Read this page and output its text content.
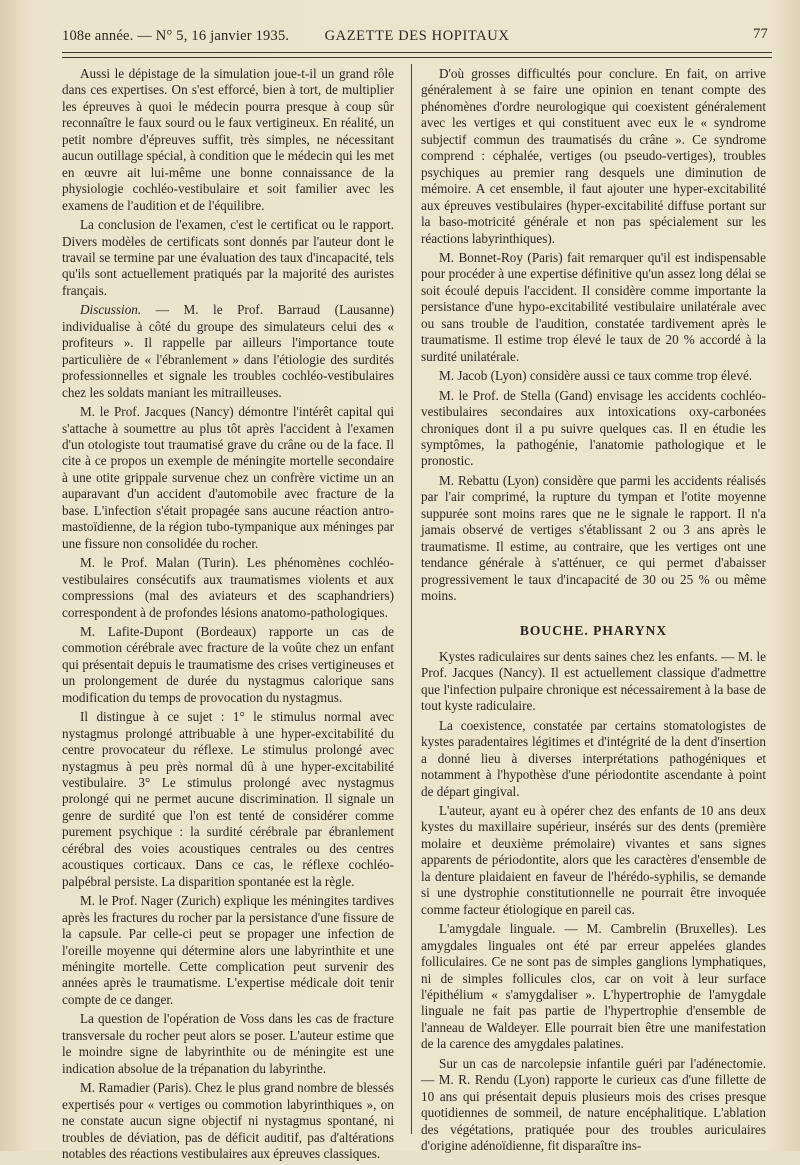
108e année. — N° 5, 16 janvier 1935.	GAZETTE DES HOPITAUX	77

Aussi le dépistage de la simulation joue-t-il un grand rôle dans ces expertises. On s'est efforcé, bien à tort, de multiplier les épreuves à quoi le médecin pourra presque à coup sûr reconnaître le faux sourd ou le faux vertigineux. En réalité, un petit nombre d'épreuves suffit, très simples, ne nécessitant aucun outillage spécial, à condition que le médecin qui les met en œuvre ait lui-même une bonne connaissance de la physiologie cochléo-vestibulaire et soit familier avec les examens de l'audition et de l'équilibre.

La conclusion de l'examen, c'est le certificat ou le rapport. Divers modèles de certificats sont donnés par l'auteur dont le travail se termine par une évaluation des taux d'incapacité, tels qu'ils sont actuellement pratiqués par la majorité des auristes français.

Discussion. — M. le Prof. Barraud (Lausanne) individualise à côté du groupe des simulateurs celui des « profiteurs ». Il rappelle par ailleurs l'importance toute particulière de « l'ébranlement » dans l'étiologie des surdités professionnelles et signale les troubles cochléo-vestibulaires chez les soldats maniant les mitrailleuses.

M. le Prof. Jacques (Nancy) démontre l'intérêt capital qui s'attache à soumettre au plus tôt après l'accident à l'examen d'un otologiste tout traumatisé grave du crâne ou de la face. Il cite à ce propos un exemple de méningite mortelle secondaire à une otite grippale survenue chez un confrère victime un an auparavant d'un accident d'automobile avec fracture de la base. L'infection s'était propagée sans aucune réaction antro-mastoïdienne, de la région tubo-tympanique aux méninges par une fissure non consolidée du rocher.

M. le Prof. Malan (Turin). Les phénomènes cochléo-vestibulaires consécutifs aux traumatismes violents et aux compressions (mal des aviateurs et des scaphandriers) correspondent à de profondes lésions anatomo-pathologiques.

M. Lafite-Dupont (Bordeaux) rapporte un cas de commotion cérébrale avec fracture de la voûte chez un enfant qui présentait depuis le traumatisme des crises vertigineuses et un prolongement de durée du nystagmus calorique sans modification du temps de provocation du nystagmus.

Il distingue à ce sujet : 1° le stimulus normal avec nystagmus prolongé attribuable à une hyper-excitabilité du centre provocateur du réflexe. Le stimulus prolongé avec nystagmus à peu près normal dû à une hyper-excitabilité vestibulaire. 3° Le stimulus prolongé avec nystagmus prolongé qui ne permet aucune discrimination. Il signale un genre de surdité que l'on est tenté de considérer comme purement psychique : la surdité cérébrale par ébranlement cérébral des voies acoustiques centrales ou des centres acoustiques corticaux. Dans ce cas, le réflexe cochléo-palpébral persiste. La disparition spontanée est la règle.

M. le Prof. Nager (Zurich) explique les méningites tardives après les fractures du rocher par la persistance d'une fissure de la capsule. Par celle-ci peut se propager une infection de l'oreille moyenne qui détermine alors une labyrinthite et une méningite mortelle. Cette complication peut survenir des années après le traumatisme. L'expertise médicale doit tenir compte de ce danger.

La question de l'opération de Voss dans les cas de fracture transversale du rocher peut alors se poser. L'auteur estime que le moindre signe de labyrinthite ou de méningite est une indication absolue de la trépanation du labyrinthe.

M. Ramadier (Paris). Chez le plus grand nombre de blessés expertisés pour « vertiges ou commotion labyrinthiques », on ne constate aucun signe objectif ni nystagmus spontané, ni troubles de déviation, pas de déficit auditif, pas d'altérations notables des réactions vestibulaires aux épreuves classiques.

D'où grosses difficultés pour conclure. En fait, on arrive généralement à se faire une opinion en tenant compte des phénomènes d'ordre neurologique qui coexistent généralement avec les vertiges et qui constituent avec eux le « syndrome subjectif commun des traumatisés du crâne ». Ce syndrome comprend : céphalée, vertiges (ou pseudo-vertiges), troubles psychiques au premier rang desquels une diminution de mémoire. A cet ensemble, il faut ajouter une hyper-excitabilité aux épreuves vestibulaires (hyper-excitabilité diffuse portant sur la baso-motricité générale et non pas spécialement sur les réactions labyrinthiques).

M. Bonnet-Roy (Paris) fait remarquer qu'il est indispensable pour procéder à une expertise définitive qu'un assez long délai se soit écoulé depuis l'accident. Il considère comme importante la persistance d'une hypo-excitabilité vestibulaire unilatérale avec ou sans trouble de l'audition, constatée tardivement après le traumatisme. Il estime trop élevé le taux de 20 % accordé à la surdité unilatérale.

M. Jacob (Lyon) considère aussi ce taux comme trop élevé.

M. le Prof. de Stella (Gand) envisage les accidents cochléo-vestibulaires secondaires aux intoxications oxy-carbonées chroniques dont il a pu suivre quelques cas. Il en étudie les symptômes, la pathogénie, l'anatomie pathologique et le pronostic.

M. Rebattu (Lyon) considère que parmi les accidents réalisés par l'air comprimé, la rupture du tympan et l'otite moyenne suppurée sont moins rares que ne le signale le rapport. Il n'a jamais observé de vertiges s'établissant 2 ou 3 ans après le traumatisme. Il estime, au contraire, que les vertiges ont une tendance générale à s'atténuer, ce qui permet d'abaisser progressivement le taux d'incapacité de 30 ou 25 % ou même moins.

BOUCHE. PHARYNX

Kystes radiculaires sur dents saines chez les enfants. — M. le Prof. Jacques (Nancy). Il est actuellement classique d'admettre que l'infection pulpaire chronique est nécessairement à la base de tout kyste radiculaire.

La coexistence, constatée par certains stomatologistes de kystes paradentaires légitimes et d'intégrité de la dent d'insertion a donné lieu à diverses interprétations pathogéniques et notamment à l'hypothèse d'une périodontite ascendante à point de départ gingival.

L'auteur, ayant eu à opérer chez des enfants de 10 ans deux kystes du maxillaire supérieur, insérés sur des dents (première molaire et deuxième prémolaire) vivantes et sans signes apparents de périodontite, alors que les caractères d'ensemble de la denture plaidaient en faveur de l'hérédo-syphilis, se demande si une dystrophie constitutionnelle ne pourrait être invoquée comme facteur étiologique en pareil cas.

L'amygdale linguale. — M. Cambrelin (Bruxelles). Les amygdales linguales ont été par erreur appelées glandes folliculaires. Ce ne sont pas de simples ganglions lymphatiques, ni de simples follicules clos, car on voit à leur surface l'épithélium « s'amygdaliser ». L'hypertrophie de l'amygdale linguale ne fait pas partie de l'hypertrophie d'ensemble de l'anneau de Waldeyer. Elle pourrait bien être une manifestation de la carence des amygdales palatines.

Sur un cas de narcolepsie infantile guéri par l'adénectomie. — M. R. Rendu (Lyon) rapporte le curieux cas d'une fillette de 10 ans qui présentait depuis plusieurs mois des crises presque quotidiennes de sommeil, de nature encéphalitique. L'ablation des végétations, pratiquée pour des troubles auriculaires d'origine adénoïdienne, fit disparaître ins-
